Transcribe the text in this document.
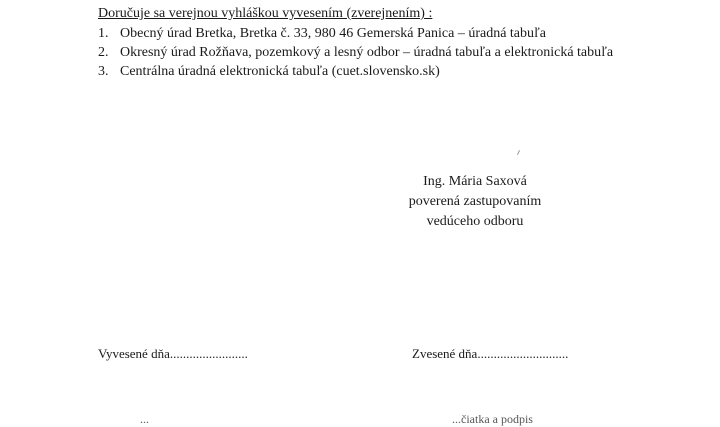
Doručuje sa verejnou vyhláškou vyvesením (zverejnením) :
1. Obecný úrad Bretka, Bretka č. 33, 980 46 Gemerská Panica – úradná tabuľa
2. Okresný úrad Rožňava, pozemkový a lesný odbor – úradná tabuľa a elektronická tabuľa
3. Centrálna úradná elektronická tabuľa (cuet.slovensko.sk)
Ing. Mária Saxová
poverená zastupovaním
vedúceho odboru
Vyvesené dňa........................	Zvesené dňa............................
...	...čiatka a podpis
